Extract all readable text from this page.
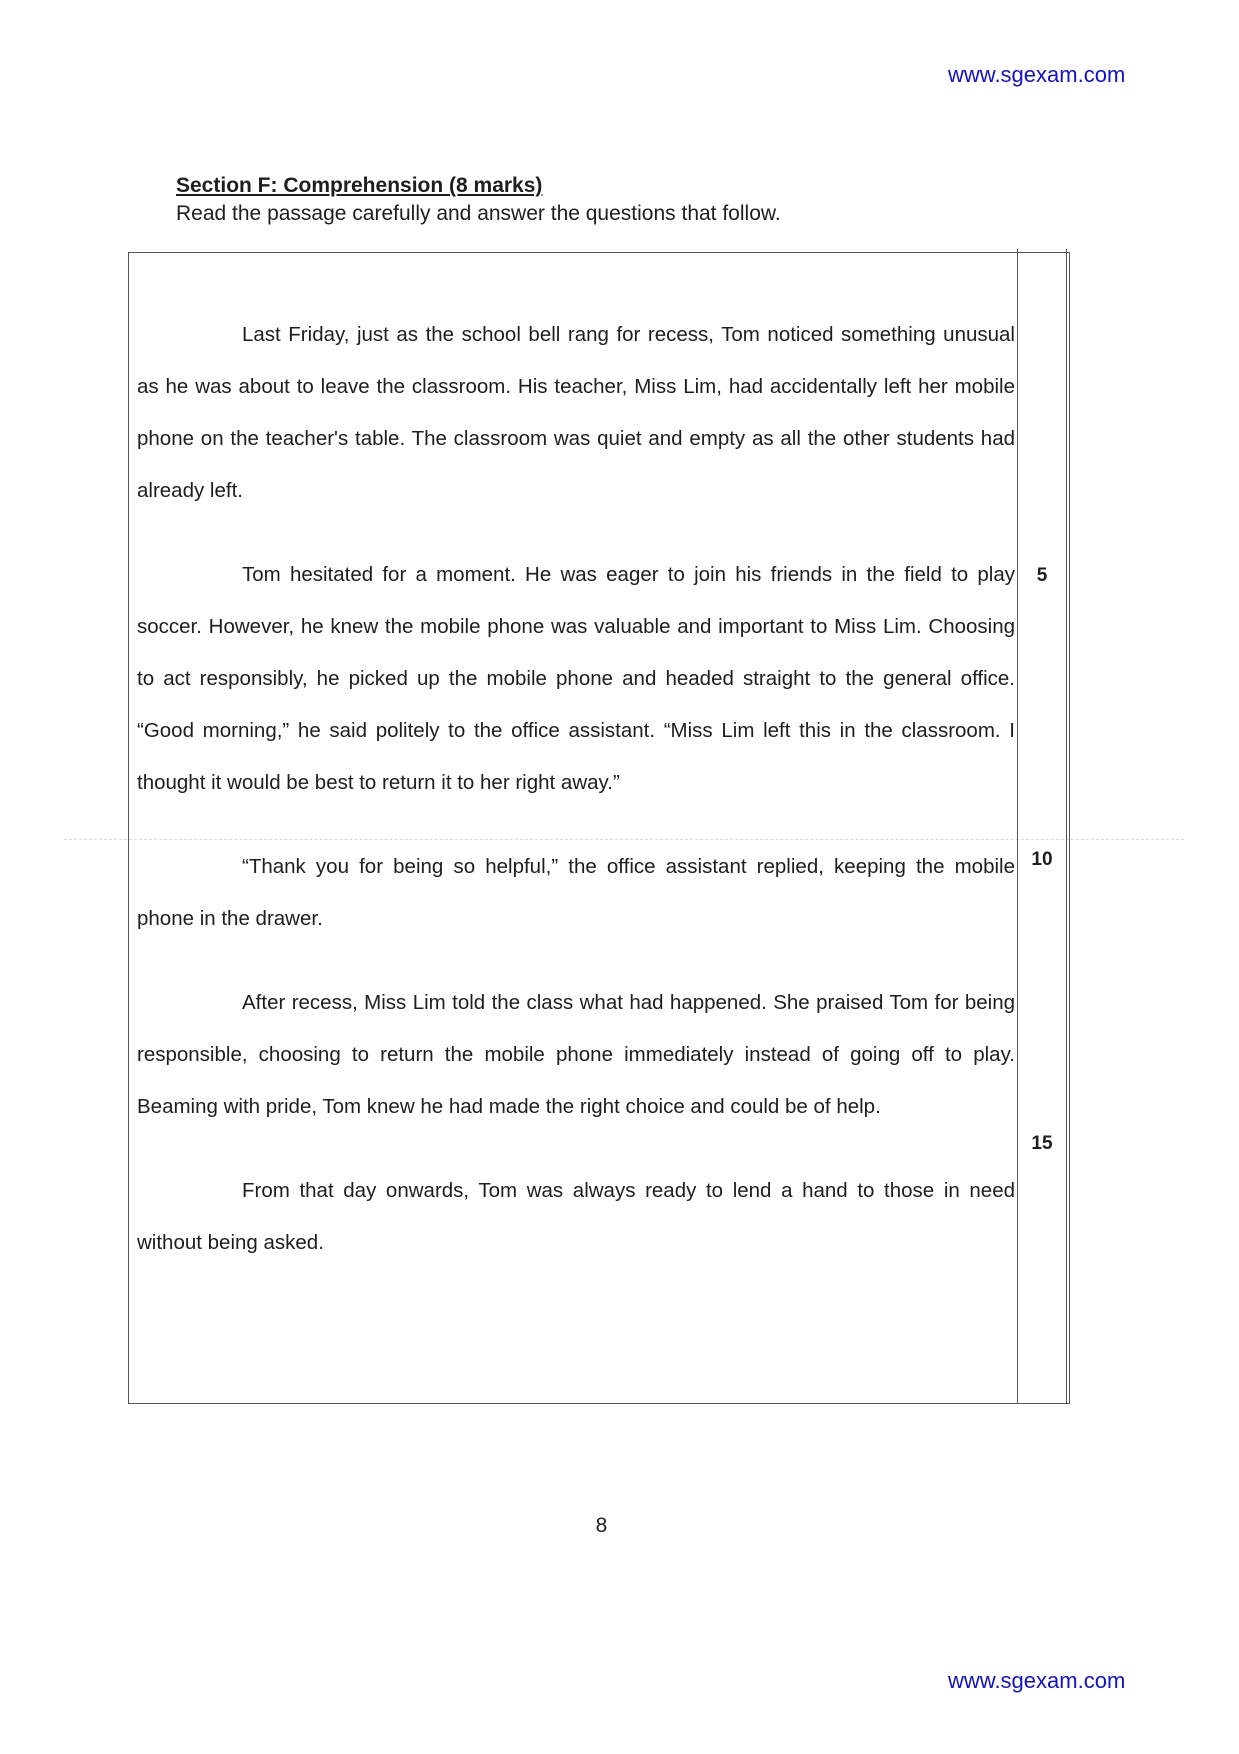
www.sgexam.com
Section F: Comprehension (8 marks)
Read the passage carefully and answer the questions that follow.

Last Friday, just as the school bell rang for recess, Tom noticed something unusual as he was about to leave the classroom. His teacher, Miss Lim, had accidentally left her mobile phone on the teacher's table. The classroom was quiet and empty as all the other students had already left.

Tom hesitated for a moment. He was eager to join his friends in the field to play soccer. However, he knew the mobile phone was valuable and important to Miss Lim. Choosing to act responsibly, he picked up the mobile phone and headed straight to the general office. “Good morning,” he said politely to the office assistant. “Miss Lim left this in the classroom. I thought it would be best to return it to her right away.”

“Thank you for being so helpful,” the office assistant replied, keeping the mobile phone in the drawer.

After recess, Miss Lim told the class what had happened. She praised Tom for being responsible, choosing to return the mobile phone immediately instead of going off to play. Beaming with pride, Tom knew he had made the right choice and could be of help.

From that day onwards, Tom was always ready to lend a hand to those in need without being asked.

5
10
15
8
www.sgexam.com
